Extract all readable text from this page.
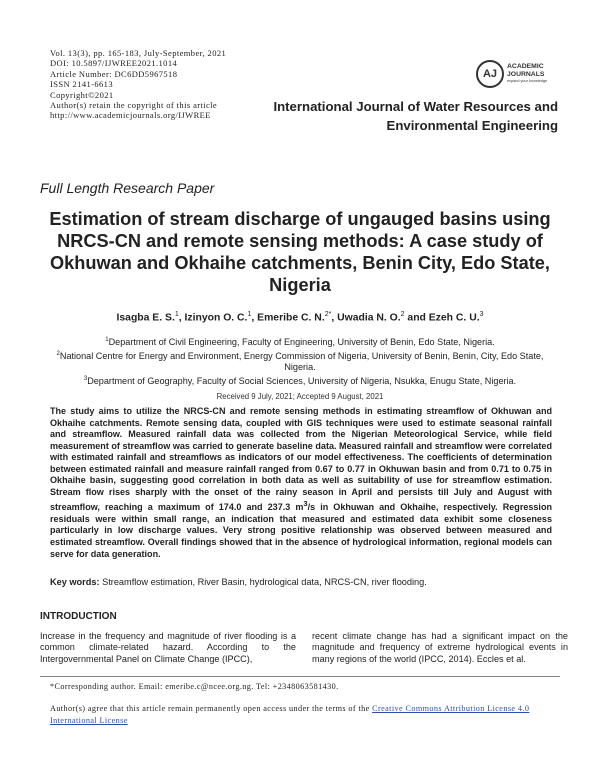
Vol. 13(3), pp. 165-183, July-September, 2021
DOI: 10.5897/IJWREE2021.1014
Article Number: DC6DD5967518
ISSN 2141-6613
Copyright©2021
Author(s) retain the copyright of this article
http://www.academicjournals.org/IJWREE
AJ
ACADEMIC
JOURNALS
expand your knowledge
International Journal of Water Resources and
Environmental Engineering
Full Length Research Paper
Estimation of stream discharge of ungauged basins using NRCS-CN and remote sensing methods: A case study of Okhuwan and Okhaihe catchments, Benin City, Edo State, Nigeria
Isagba E. S.$^1$, Izinyon O. C.$^1$, Emeribe C. N.$^{2*}$, Uwadia N. O.$^2$ and Ezeh C. U.$^3$
$^1$Department of Civil Engineering, Faculty of Engineering, University of Benin, Edo State, Nigeria.
$^2$National Centre for Energy and Environment, Energy Commission of Nigeria, University of Benin, Benin, City, Edo State, Nigeria.
$^3$Department of Geography, Faculty of Social Sciences, University of Nigeria, Nsukka, Enugu State, Nigeria.
Received 9 July, 2021; Accepted 9 August, 2021
The study aims to utilize the NRCS-CN and remote sensing methods in estimating streamflow of Okhuwan and Okhaihe catchments. Remote sensing data, coupled with GIS techniques were used to estimate seasonal rainfall and streamflow. Measured rainfall data was collected from the Nigerian Meteorological Service, while field measurement of streamflow was carried to generate baseline data. Measured rainfall and streamflow were correlated with estimated rainfall and streamflows as indicators of our model effectiveness. The coefficients of determination between estimated rainfall and measure rainfall ranged from 0.67 to 0.77 in Okhuwan basin and from 0.71 to 0.75 in Okhaihe basin, suggesting good correlation in both data as well as suitability of use for streamflow estimation. Stream flow rises sharply with the onset of the rainy season in April and persists till July and August with streamflow, reaching a maximum of 174.0 and 237.3 $m^3/s$ in Okhuwan and Okhaihe, respectively. Regression residuals were within small range, an indication that measured and estimated data exhibit some closeness particularly in low discharge values. Very strong positive relationship was observed between measured and estimated streamflow. Overall findings showed that in the absence of hydrological information, regional models can serve for data generation.
Key words: Streamflow estimation, River Basin, hydrological data, NRCS-CN, river flooding.
INTRODUCTION
Increase in the frequency and magnitude of river flooding is a common climate-related hazard. According to the Intergovernmental Panel on Climate Change (IPCC),
recent climate change has had a significant impact on the magnitude and frequency of extreme hydrological events in many regions of the world (IPCC, 2014). Eccles et al.
*Corresponding author. Email: emeribe.c@ncee.org.ng. Tel: +2348063581430.
Author(s) agree that this article remain permanently open access under the terms of the Creative Commons Attribution License 4.0 International License
